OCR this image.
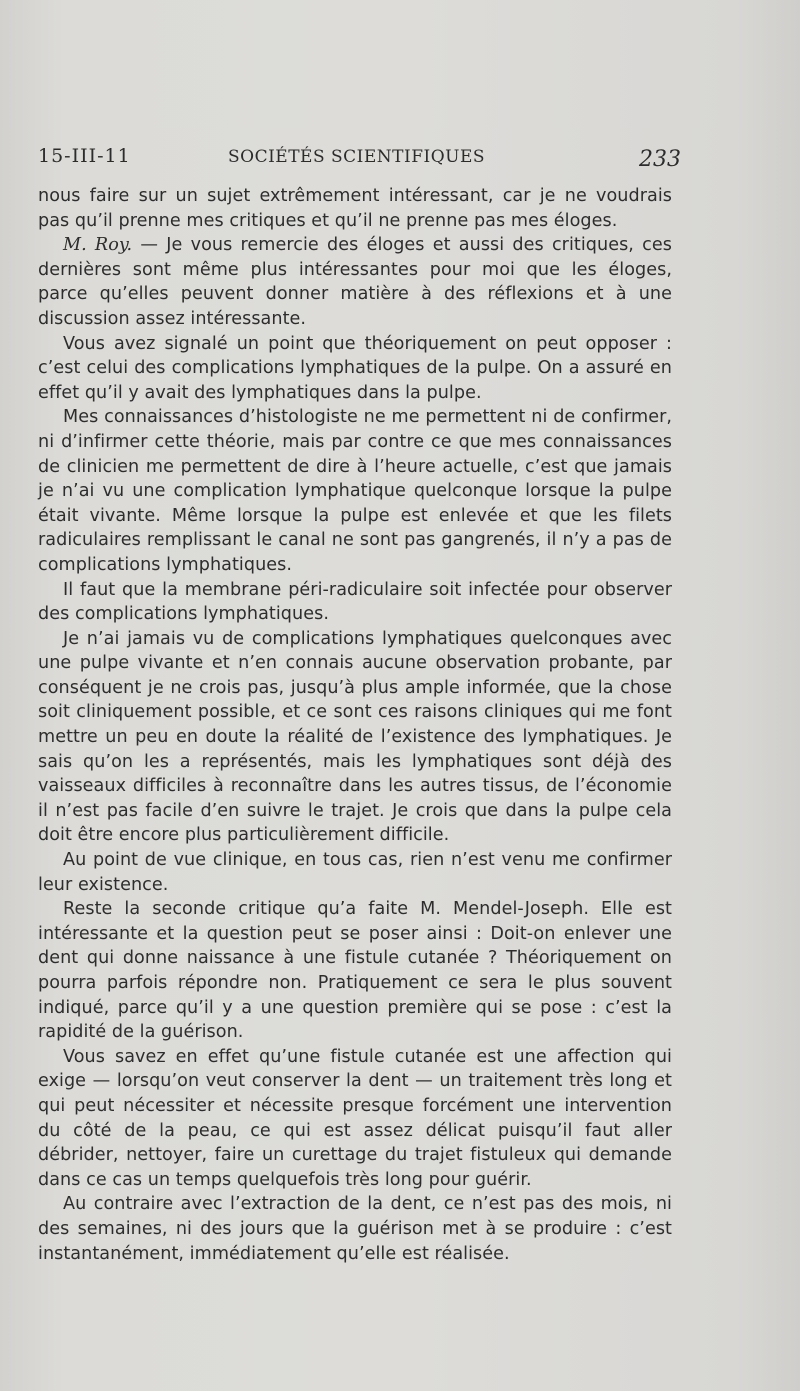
15-III-11	SOCIÉTÉS SCIENTIFIQUES	233

nous faire sur un sujet extrêmement intéressant, car je ne voudrais pas qu’il prenne mes critiques et qu’il ne prenne pas mes éloges.

M. Roy. — Je vous remercie des éloges et aussi des critiques, ces dernières sont même plus intéressantes pour moi que les éloges, parce qu’elles peuvent donner matière à des réflexions et à une discussion assez intéressante.

Vous avez signalé un point que théoriquement on peut opposer : c’est celui des complications lymphatiques de la pulpe. On a assuré en effet qu’il y avait des lymphatiques dans la pulpe.

Mes connaissances d’histologiste ne me permettent ni de confirmer, ni d’infirmer cette théorie, mais par contre ce que mes connaissances de clinicien me permettent de dire à l’heure actuelle, c’est que jamais je n’ai vu une complication lymphatique quelconque lorsque la pulpe était vivante. Même lorsque la pulpe est enlevée et que les filets radiculaires remplissant le canal ne sont pas gangrenés, il n’y a pas de complications lymphatiques.

Il faut que la membrane péri-radiculaire soit infectée pour observer des complications lymphatiques.

Je n’ai jamais vu de complications lymphatiques quelconques avec une pulpe vivante et n’en connais aucune observation probante, par conséquent je ne crois pas, jusqu’à plus ample informée, que la chose soit cliniquement possible, et ce sont ces raisons cliniques qui me font mettre un peu en doute la réalité de l’existence des lymphatiques. Je sais qu’on les a représentés, mais les lymphatiques sont déjà des vaisseaux difficiles à reconnaître dans les autres tissus, de l’économie il n’est pas facile d’en suivre le trajet. Je crois que dans la pulpe cela doit être encore plus particulièrement difficile.

Au point de vue clinique, en tous cas, rien n’est venu me confirmer leur existence.

Reste la seconde critique qu’a faite M. Mendel-Joseph. Elle est intéressante et la question peut se poser ainsi : Doit-on enlever une dent qui donne naissance à une fistule cutanée ? Théoriquement on pourra parfois répondre non. Pratiquement ce sera le plus souvent indiqué, parce qu’il y a une question première qui se pose : c’est la rapidité de la guérison.

Vous savez en effet qu’une fistule cutanée est une affection qui exige — lorsqu’on veut conserver la dent — un traitement très long et qui peut nécessiter et nécessite presque forcément une intervention du côté de la peau, ce qui est assez délicat puisqu’il faut aller débrider, nettoyer, faire un curettage du trajet fistuleux qui demande dans ce cas un temps quelquefois très long pour guérir.

Au contraire avec l’extraction de la dent, ce n’est pas des mois, ni des semaines, ni des jours que la guérison met à se produire : c’est instantanément, immédiatement qu’elle est réalisée.
